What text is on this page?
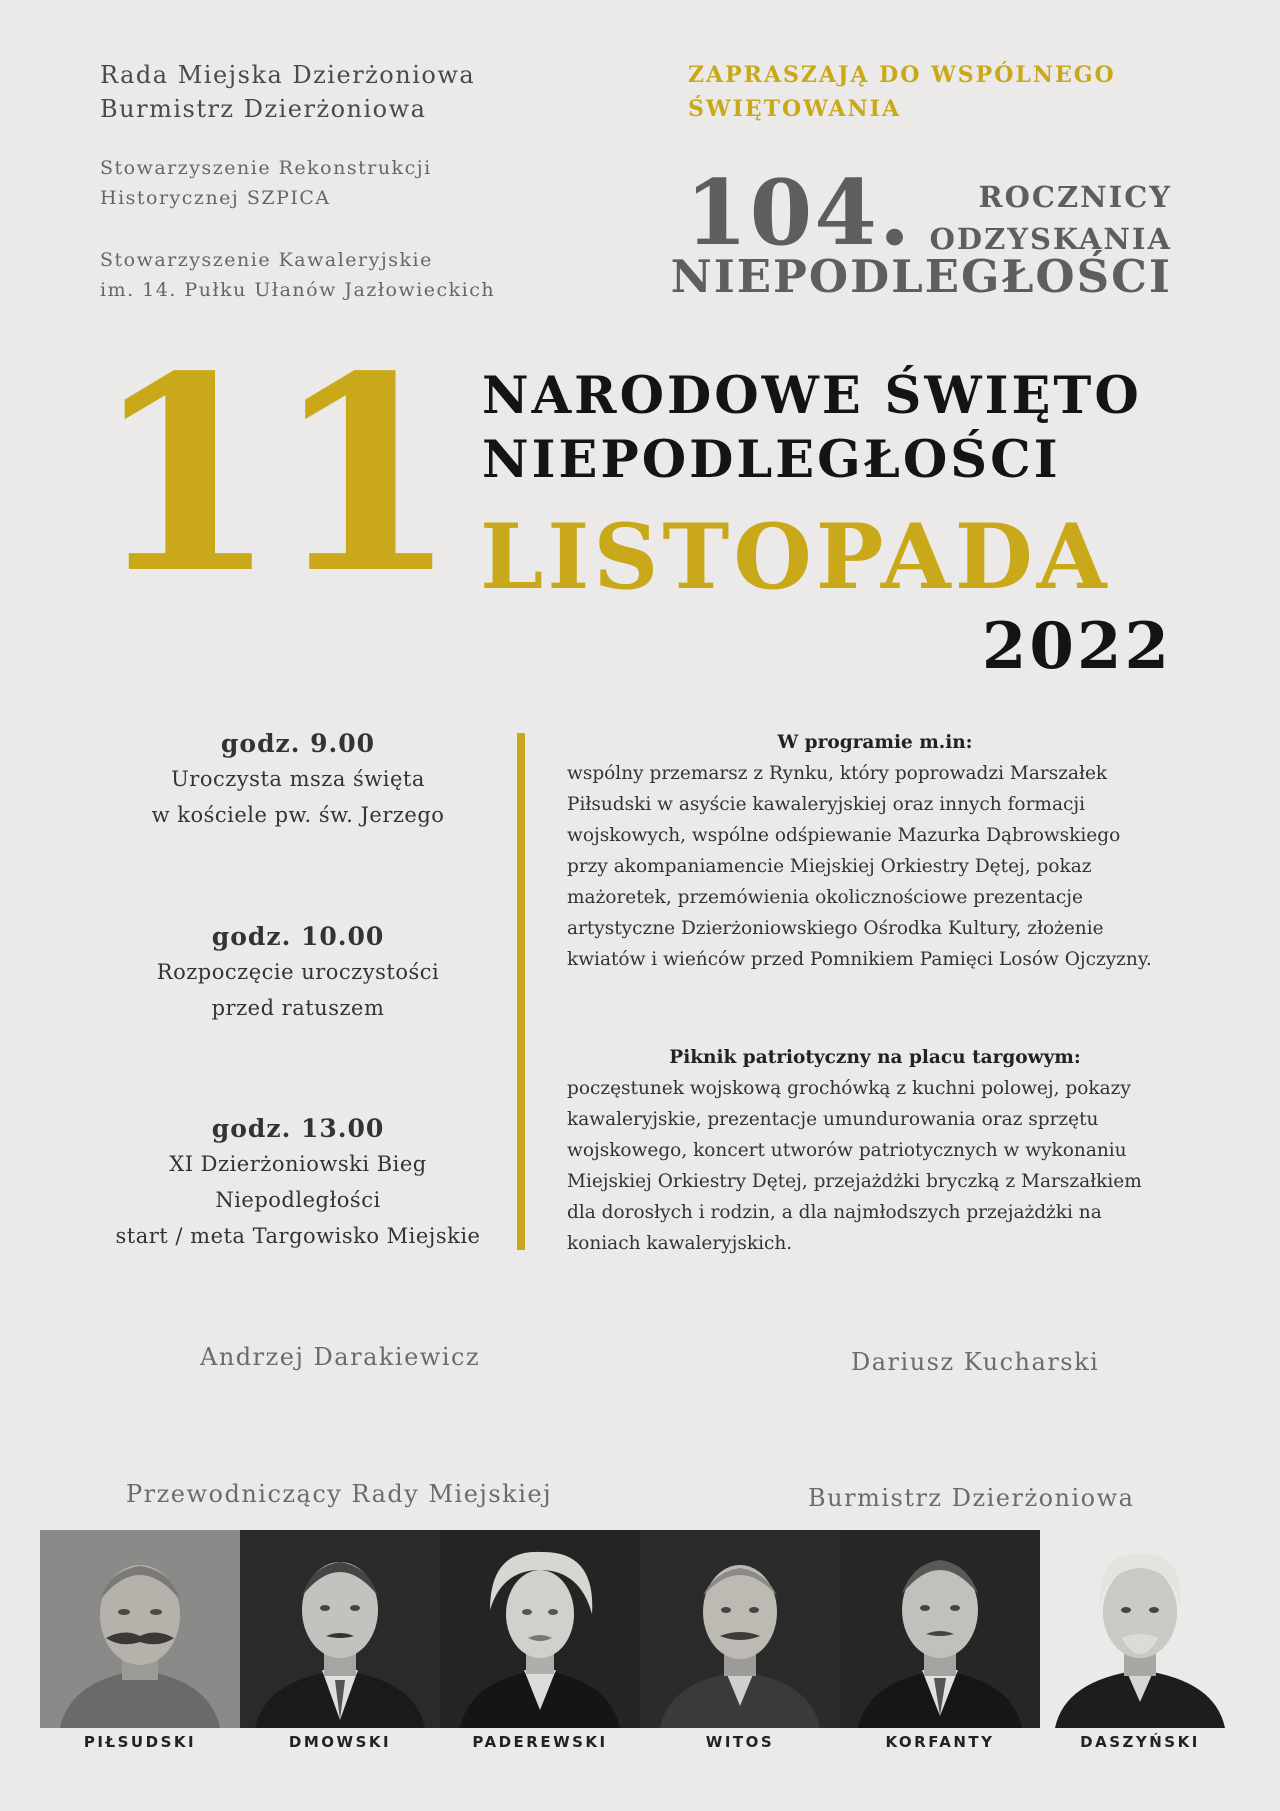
Rada Miejska Dzierżoniowa
Burmistrz Dzierżoniowa
Stowarzyszenie Rekonstrukcji
Historycznej SZPICA
Stowarzyszenie Kawaleryjskie
im. 14. Pułku Ułanów Jazłowieckich
ZAPRASZAJĄ DO WSPÓLNEGO
ŚWIĘTOWANIA
104. ROCZNICY
ODZYSKANIA
NIEPODLEGŁOŚCI
11 NARODOWE ŚWIĘTO
NIEPODLEGŁOŚCI
LISTOPADA
2022
godz. 9.00
Uroczysta msza święta
w kościele pw. św. Jerzego
godz. 10.00
Rozpoczęcie uroczystości
przed ratuszem
godz. 13.00
XI Dzierżoniowski Bieg
Niepodległości
start / meta Targowisko Miejskie
W programie m.in:
wspólny przemarsz z Rynku, który poprowadzi Marszałek
Piłsudski w asyście kawaleryjskiej oraz innych formacji
wojskowych, wspólne odśpiewanie Mazurka Dąbrowskiego
przy akompaniamencie Miejskiej Orkiestry Dętej, pokaz
mażoretek, przemówienia okolicznościowe prezentacje
artystyczne Dzierżoniowskiego Ośrodka Kultury, złożenie
kwiatów i wieńców przed Pomnikiem Pamięci Losów Ojczyzny.
Piknik patriotyczny na placu targowym:
poczęstunek wojskową grochówką z kuchni polowej, pokazy
kawaleryjskie, prezentacje umundurowania oraz sprzętu
wojskowego, koncert utworów patriotycznych w wykonaniu
Miejskiej Orkiestry Dętej, przejażdżki bryczką z Marszałkiem
dla dorosłych i rodzin, a dla najmłodszych przejażdżki na
koniach kawaleryjskich.
Andrzej Darakiewicz	Dariusz Kucharski
Przewodniczący Rady Miejskiej	Burmistrz Dzierżoniowa
PIŁSUDSKI	DMOWSKI	PADEREWSKI	WITOS	KORFANTY	DASZYŃSKI
